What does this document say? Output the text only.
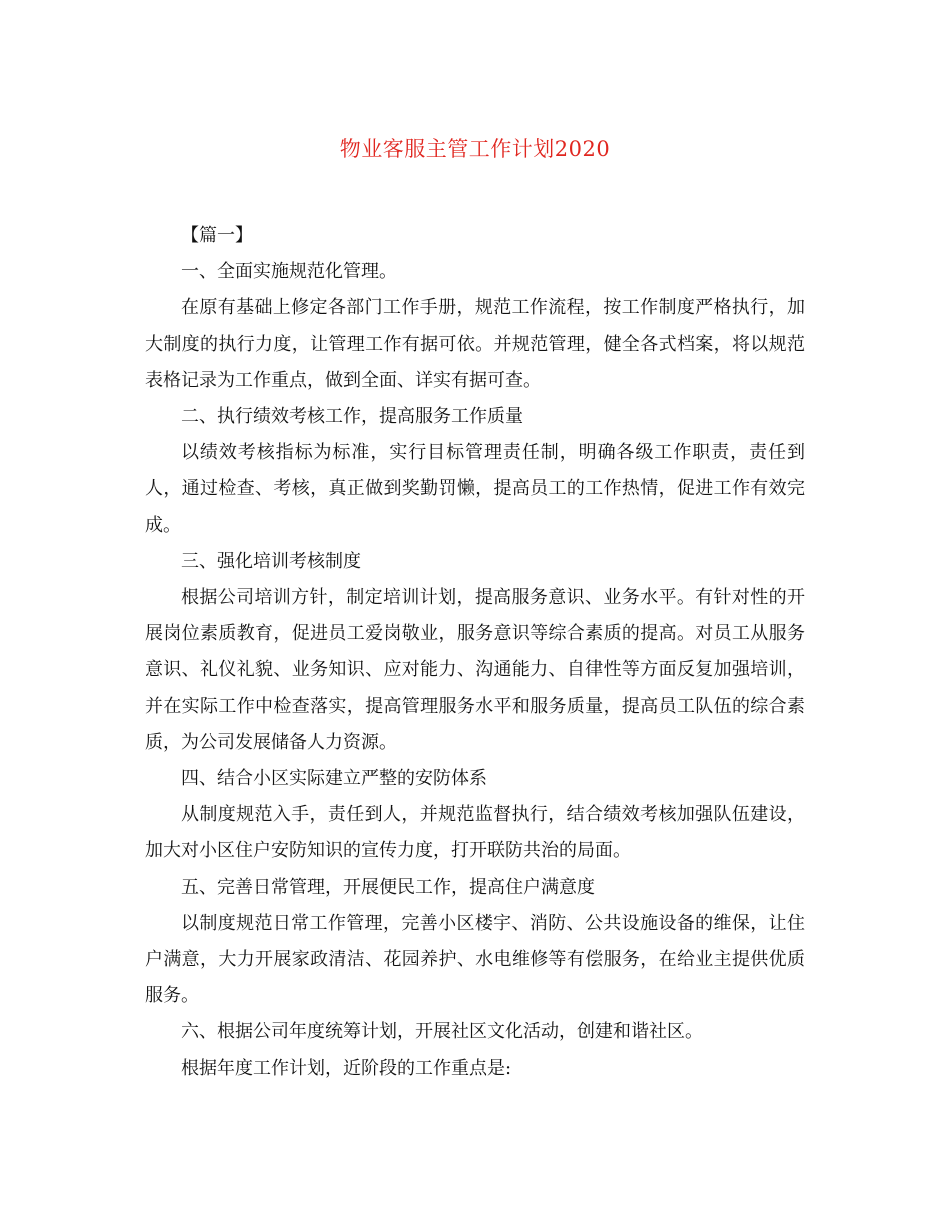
物业客服主管工作计划2020

【篇一】

一、全面实施规范化管理。

在原有基础上修定各部门工作手册，规范工作流程，按工作制度严格执行，加大制度的执行力度，让管理工作有据可依。并规范管理，健全各式档案，将以规范表格记录为工作重点，做到全面、详实有据可查。

二、执行绩效考核工作，提高服务工作质量

以绩效考核指标为标准，实行目标管理责任制，明确各级工作职责，责任到人，通过检查、考核，真正做到奖勤罚懒，提高员工的工作热情，促进工作有效完成。

三、强化培训考核制度

根据公司培训方针，制定培训计划，提高服务意识、业务水平。有针对性的开展岗位素质教育，促进员工爱岗敬业，服务意识等综合素质的提高。对员工从服务意识、礼仪礼貌、业务知识、应对能力、沟通能力、自律性等方面反复加强培训，并在实际工作中检查落实，提高管理服务水平和服务质量，提高员工队伍的综合素质，为公司发展储备人力资源。

四、结合小区实际建立严整的安防体系

从制度规范入手，责任到人，并规范监督执行，结合绩效考核加强队伍建设，加大对小区住户安防知识的宣传力度，打开联防共治的局面。

五、完善日常管理，开展便民工作，提高住户满意度

以制度规范日常工作管理，完善小区楼宇、消防、公共设施设备的维保，让住户满意，大力开展家政清洁、花园养护、水电维修等有偿服务，在给业主提供优质服务。

六、根据公司年度统筹计划，开展社区文化活动，创建和谐社区。

根据年度工作计划，近阶段的工作重点是:
